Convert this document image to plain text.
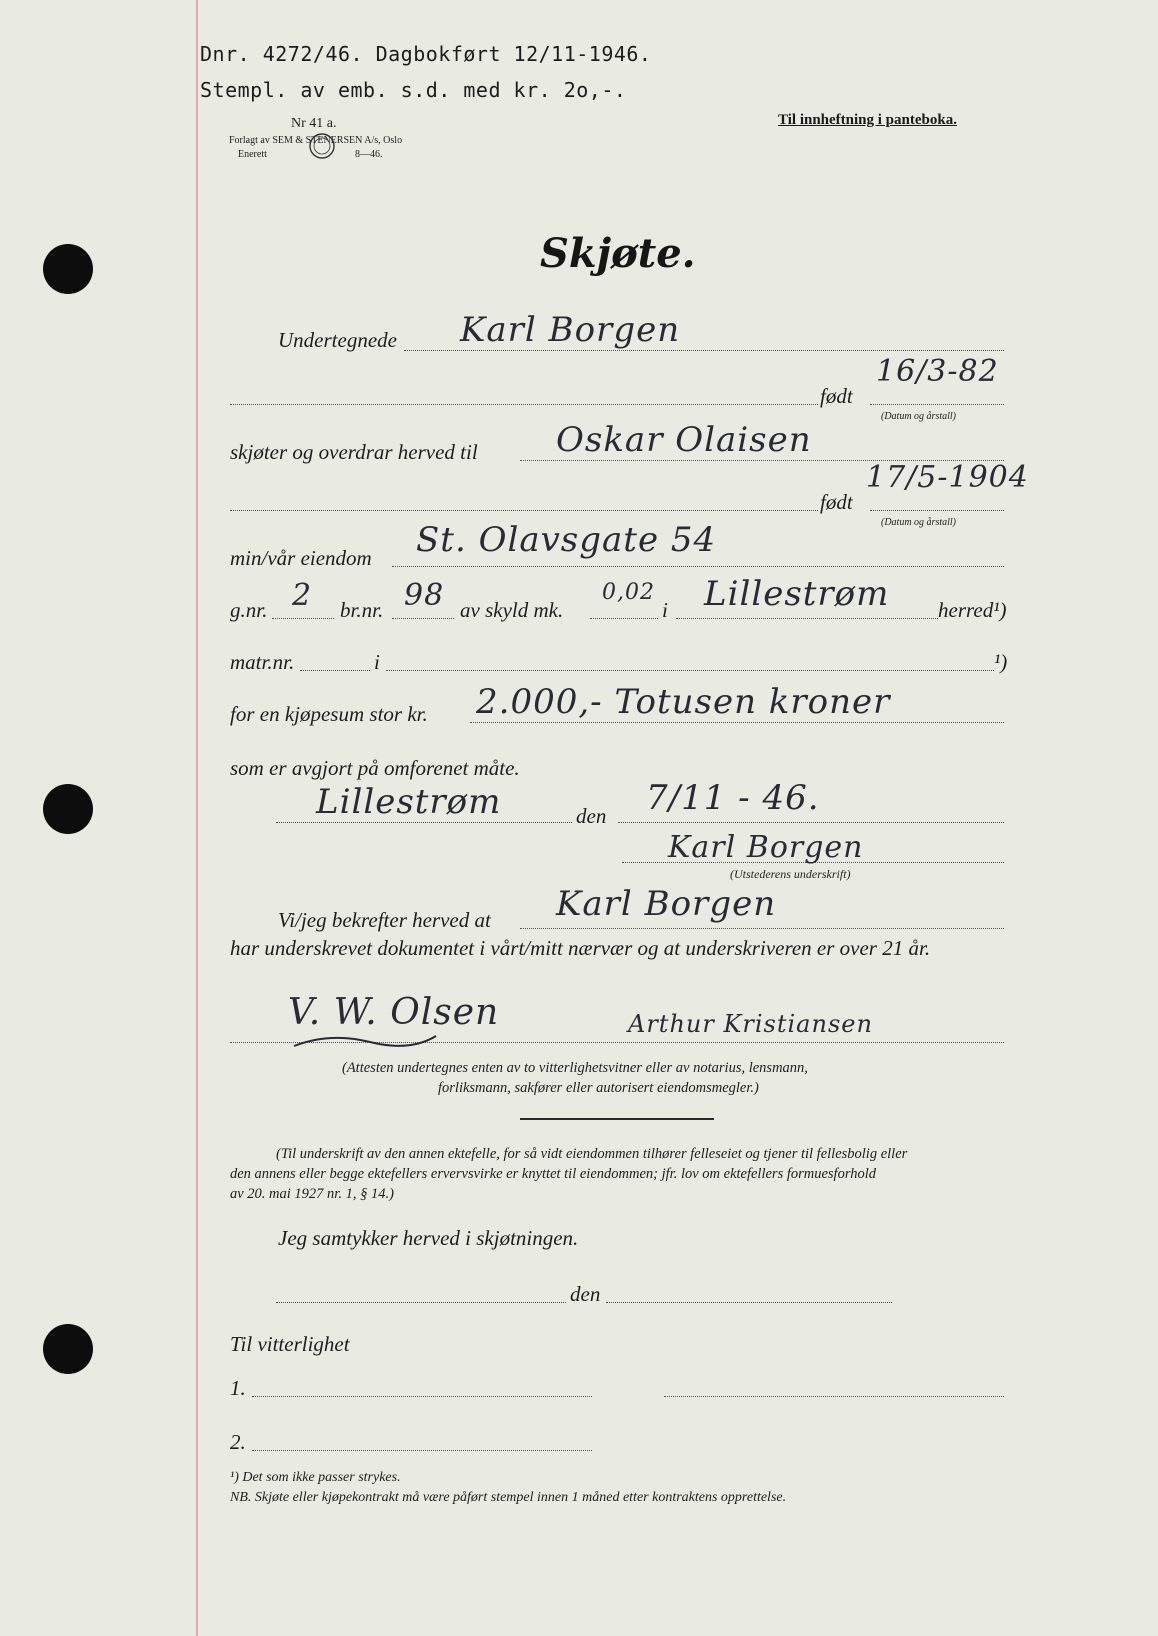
Dnr. 4272/46. Dagbokført 12/11-1946.
Stempl. av emb. s.d. med kr. 2o,-.
Nr 41 a.
Forlagt av SEM & STENERSEN A/s, Oslo
Enerett	8—46.
Til innheftning i panteboka.
Skjøte.
Undertegnede Karl Borgen
født
16/3-82
(Datum og årstall)
skjøter og overdrar herved til Oskar Olaisen
født
17/5-1904
(Datum og årstall)
min/vår eiendom St. Olavsgate 54
g.nr. 2 br.nr. 98 av skyld mk.
0,02
i Lillestrøm herred¹)
matr.nr.	i	¹)
for en kjøpesum stor kr. 2.000,- Totusen kroner
som er avgjort på omforenet måte.
Lillestrøm	den 7/11 - 46.
Karl Borgen
(Utstederens underskrift)
Vi/jeg bekrefter herved at Karl Borgen
har underskrevet dokumentet i vårt/mitt nærvær og at underskriveren er over 21 år.
V. W. Olsen	Arthur Kristiansen
(Attesten undertegnes enten av to vitterlighetsvitner eller av notarius, lensmann,
forliksmann, sakfører eller autorisert eiendomsmegler.)
(Til underskrift av den annen ektefelle, for så vidt eiendommen tilhører felleseiet og tjener til fellesbolig eller
den annens eller begge ektefellers ervervsvirke er knyttet til eiendommen; jfr. lov om ektefellers formuesforhold
av 20. mai 1927 nr. 1, § 14.)
Jeg samtykker herved i skjøtningen.
den
Til vitterlighet
1.
2.
¹) Det som ikke passer strykes.
NB. Skjøte eller kjøpekontrakt må være påført stempel innen 1 måned etter kontraktens opprettelse.
